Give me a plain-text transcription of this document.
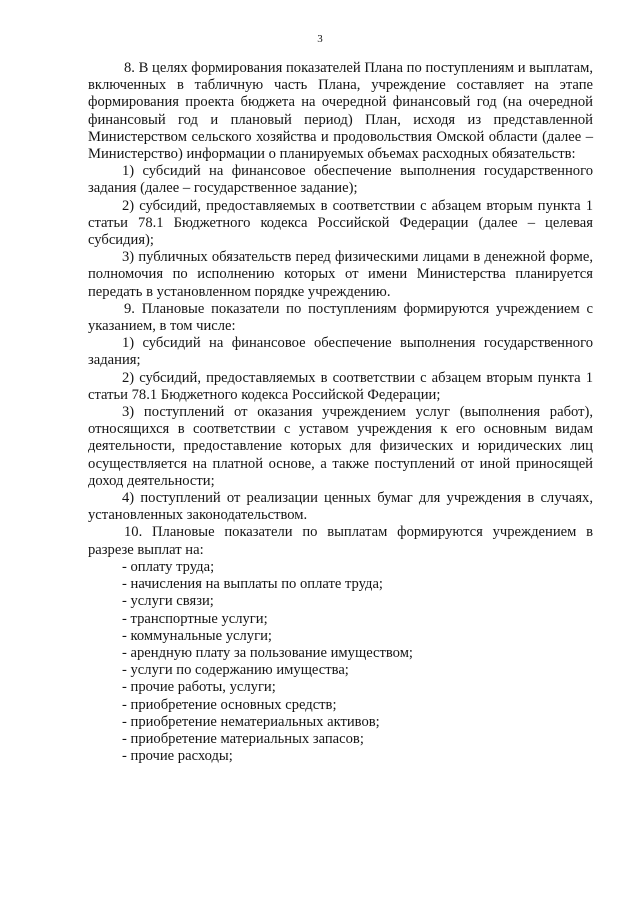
3

8. В целях формирования показателей Плана по поступлениям и выплатам, включенных в табличную часть Плана, учреждение составляет на этапе формирования проекта бюджета на очередной финансовый год (на очередной финансовый год и плановый период) План, исходя из представленной Министерством сельского хозяйства и продовольствия Омской области (далее – Министерство) информации о планируемых объемах расходных обязательств:

1) субсидий на финансовое обеспечение выполнения государственного задания (далее – государственное задание);

2) субсидий, предоставляемых в соответствии с абзацем вторым пункта 1 статьи 78.1 Бюджетного кодекса Российской Федерации (далее – целевая субсидия);

3) публичных обязательств перед физическими лицами в денежной форме, полномочия по исполнению которых от имени Министерства планируется передать в установленном порядке учреждению.

9. Плановые показатели по поступлениям формируются учреждением с указанием, в том числе:

1) субсидий на финансовое обеспечение выполнения государственного задания;

2) субсидий, предоставляемых в соответствии с абзацем вторым пункта 1 статьи 78.1 Бюджетного кодекса Российской Федерации;

3) поступлений от оказания учреждением услуг (выполнения работ), относящихся в соответствии с уставом учреждения к его основным видам деятельности, предоставление которых для физических и юридических лиц осуществляется на платной основе, а также поступлений от иной приносящей доход деятельности;

4) поступлений от реализации ценных бумаг для учреждения в случаях, установленных законодательством.

10. Плановые показатели по выплатам формируются учреждением в разрезе выплат на:

- оплату труда;

- начисления на выплаты по оплате труда;

- услуги связи;

- транспортные услуги;

- коммунальные услуги;

- арендную плату за пользование имуществом;

- услуги по содержанию имущества;

- прочие работы, услуги;

- приобретение основных средств;

- приобретение нематериальных активов;

- приобретение материальных запасов;

- прочие расходы;
